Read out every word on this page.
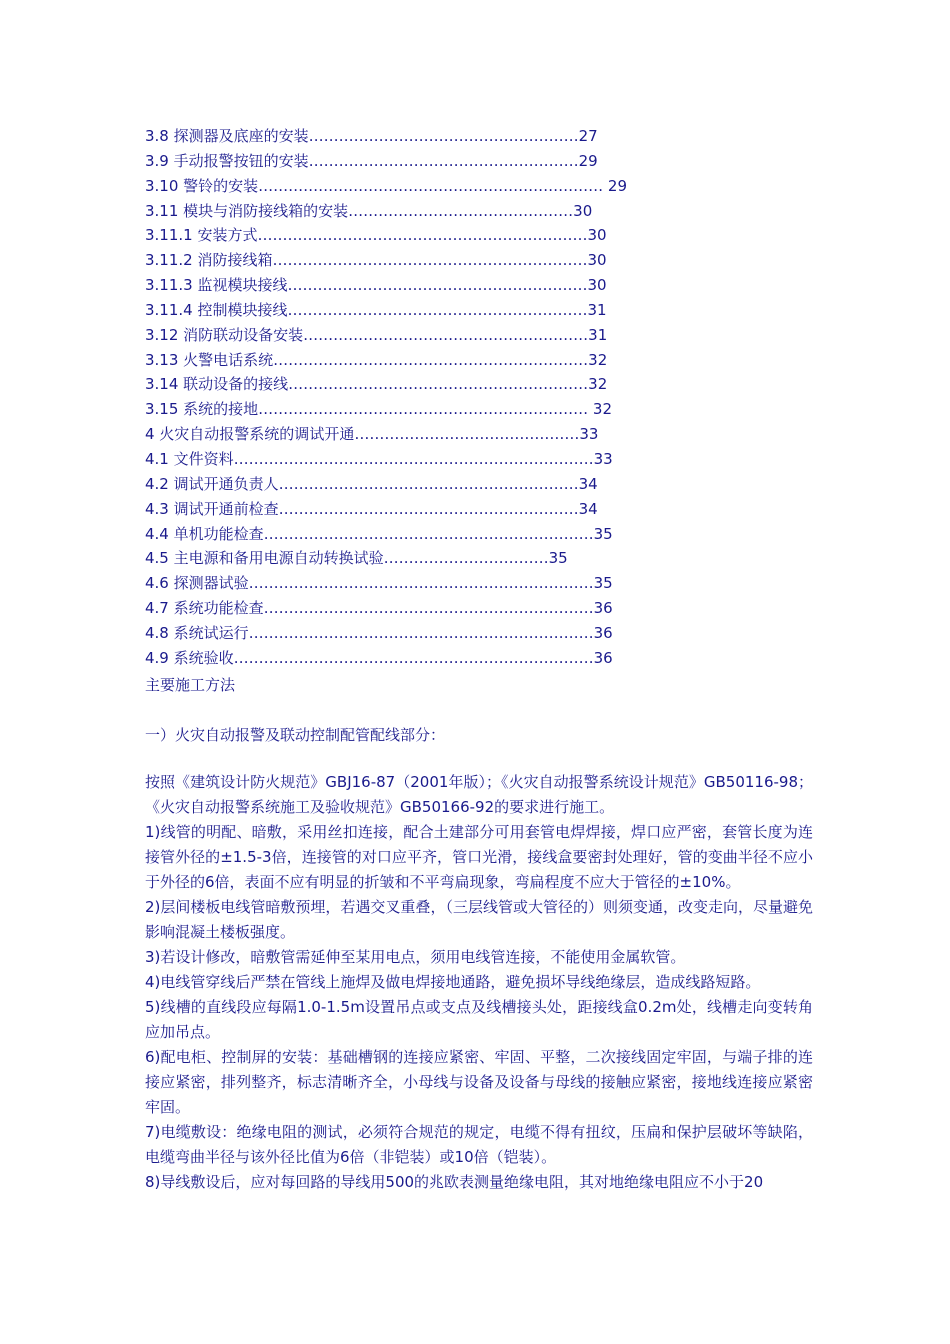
3.8 探测器及底座的安装………………………………………………27
3.9 手动报警按钮的安装………………………………………………29
3.10 警铃的安装…………………………………………………………… 29
3.11 模块与消防接线箱的安装………………………………………30
3.11.1 安装方式…………………………………………………………30
3.11.2 消防接线箱………………………………………………………30
3.11.3 监视模块接线……………………………………………………30
3.11.4 控制模块接线……………………………………………………31
3.12 消防联动设备安装…………………………………………………31
3.13 火警电话系统………………………………………………………32
3.14 联动设备的接线……………………………………………………32
3.15 系统的接地………………………………………………………… 32
4 火灾自动报警系统的调试开通………………………………………33
4.1 文件资料………………………………………………………………33
4.2 调试开通负责人……………………………………………………34
4.3 调试开通前检查……………………………………………………34
4.4 单机功能检查…………………………………………………………35
4.5 主电源和备用电源自动转换试验……………………………35
4.6 探测器试验……………………………………………………………35
4.7 系统功能检查…………………………………………………………36
4.8 系统试运行……………………………………………………………36
4.9 系统验收………………………………………………………………36
主要施工方法
一）火灾自动报警及联动控制配管配线部分：

按照《建筑设计防火规范》GBJ16-87（2001年版）；《火灾自动报警系统设计规范》GB50116-98；《火灾自动报警系统施工及验收规范》GB50166-92的要求进行施工。

1)线管的明配、暗敷，采用丝扣连接，配合土建部分可用套管电焊焊接，焊口应严密，套管长度为连接管外径的±1.5-3倍，连接管的对口应平齐，管口光滑，接线盒要密封处理好，管的变曲半径不应小于外径的6倍，表面不应有明显的折皱和不平弯扁现象，弯扁程度不应大于管径的±10%。

2)层间楼板电线管暗敷预埋，若遇交叉重叠，（三层线管或大管径的）则须变通，改变走向，尽量避免影响混凝土楼板强度。

3)若设计修改，暗敷管需延伸至某用电点，须用电线管连接，不能使用金属软管。

4)电线管穿线后严禁在管线上施焊及做电焊接地通路，避免损坏导线绝缘层，造成线路短路。

5)线槽的直线段应每隔1.0-1.5m设置吊点或支点及线槽接头处，距接线盒0.2m处，线槽走向变转角应加吊点。

6)配电柜、控制屏的安装：基础槽钢的连接应紧密、牢固、平整，二次接线固定牢固，与端子排的连接应紧密，排列整齐，标志清晰齐全，小母线与设备及设备与母线的接触应紧密，接地线连接应紧密牢固。

7)电缆敷设：绝缘电阻的测试，必须符合规范的规定，电缆不得有扭纹，压扁和保护层破坏等缺陷，电缆弯曲半径与该外径比值为6倍（非铠装）或10倍（铠装）。

8)导线敷设后，应对每回路的导线用500的兆欧表测量绝缘电阻，其对地绝缘电阻应不小于20
